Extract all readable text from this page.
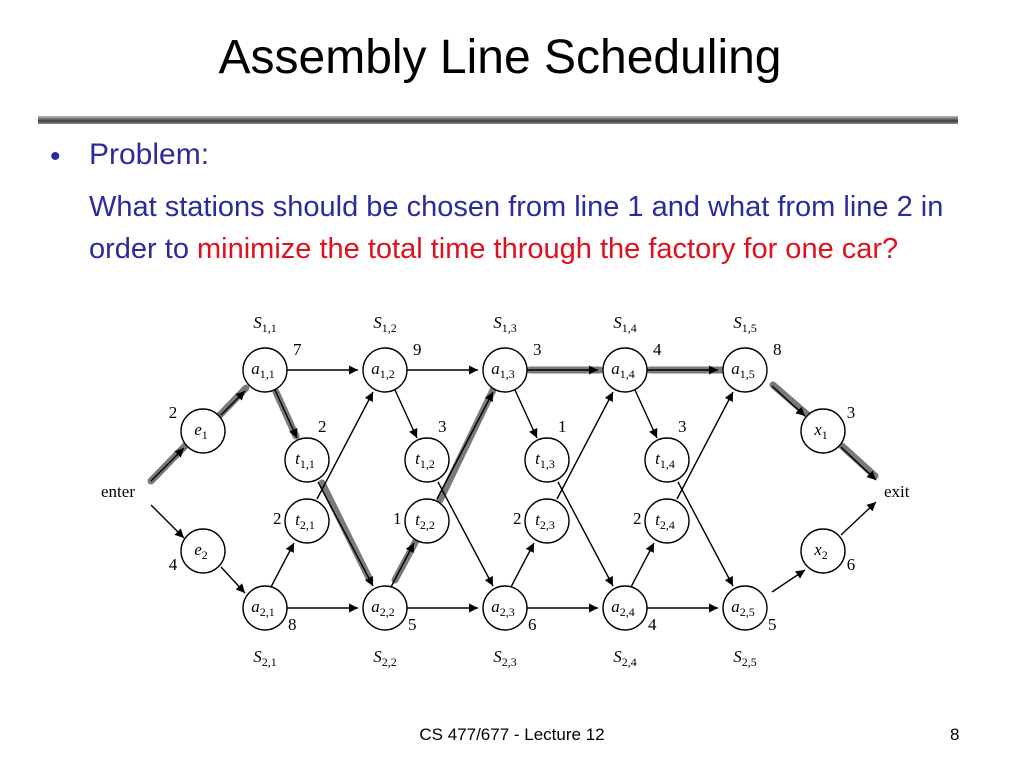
Assembly Line Scheduling
• Problem:
What stations should be chosen from line 1 and what from line 2 in order to minimize the total time through the factory for one car?
$a_{1,1}$	$a_{1,2}$	$a_{1,3}$	$a_{1,4}$	$a_{1,5}$
$a_{2,1}$	$a_{2,2}$	$a_{2,3}$	$a_{2,4}$	$a_{2,5}$
$t_{1,1}$	$t_{1,2}$	$t_{1,3}$	$t_{1,4}$
$t_{2,1}$	$t_{2,2}$	$t_{2,3}$	$t_{2,4}$
$e_1$
$e_2$
$x_1$
$x_2$
7
$S_{1,1}$
9
$S_{1,2}$
3
$S_{1,3}$
4
$S_{1,4}$
8
$S_{1,5}$
8
$S_{2,1}$
5
$S_{2,2}$
6
$S_{2,3}$
4
$S_{2,4}$
5
$S_{2,5}$
2	3	1	3
2	1	2	2
2
4
3
6
enter	exit
CS 477/677 - Lecture 12	8
